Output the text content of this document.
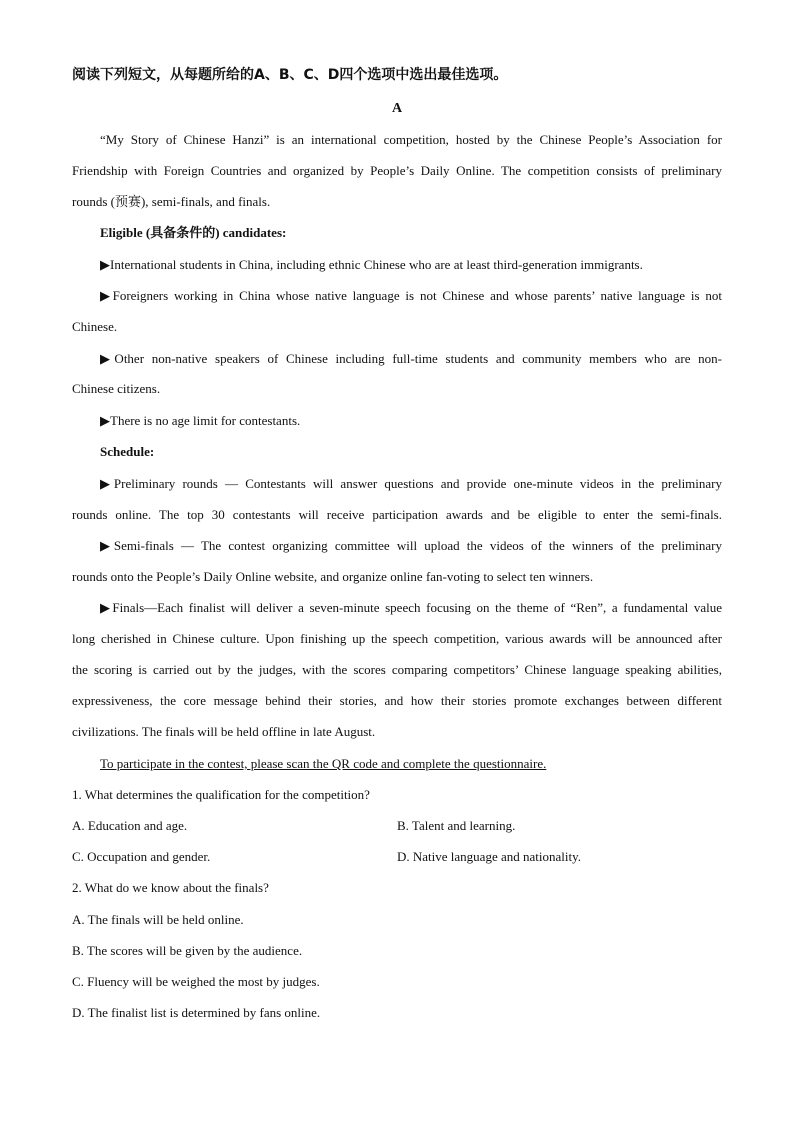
阅读下列短文，从每题所给的A、B、C、D四个选项中选出最佳选项。
A
“My Story of Chinese Hanzi” is an international competition, hosted by the Chinese People’s Association for
Friendship with Foreign Countries and organized by People’s Daily Online. The competition consists of preliminary
rounds (预赛), semi-finals, and finals.
Eligible (具备条件的) candidates:
▶International students in China, including ethnic Chinese who are at least third-generation immigrants.
▶Foreigners working in China whose native language is not Chinese and whose parents’ native language is not
Chinese.
▶Other non-native speakers of Chinese including full-time students and community members who are non-
Chinese citizens.
▶There is no age limit for contestants.
Schedule:
▶Preliminary rounds — Contestants will answer questions and provide one-minute videos in the preliminary
rounds online. The top 30 contestants will receive participation awards and be eligible to enter the semi-finals.
▶Semi-finals — The contest organizing committee will upload the videos of the winners of the preliminary
rounds onto the People’s Daily Online website, and organize online fan-voting to select ten winners.
▶Finals—Each finalist will deliver a seven-minute speech focusing on the theme of “Ren”, a fundamental value
long cherished in Chinese culture. Upon finishing up the speech competition, various awards will be announced after
the scoring is carried out by the judges, with the scores comparing competitors’ Chinese language speaking abilities,
expressiveness, the core message behind their stories, and how their stories promote exchanges between different
civilizations. The finals will be held offline in late August.
To participate in the contest, please scan the QR code and complete the questionnaire.
1. What determines the qualification for the competition?
A. Education and age.	B. Talent and learning.
C. Occupation and gender.	D. Native language and nationality.
2. What do we know about the finals?
A. The finals will be held online.
B. The scores will be given by the audience.
C. Fluency will be weighed the most by judges.
D. The finalist list is determined by fans online.
